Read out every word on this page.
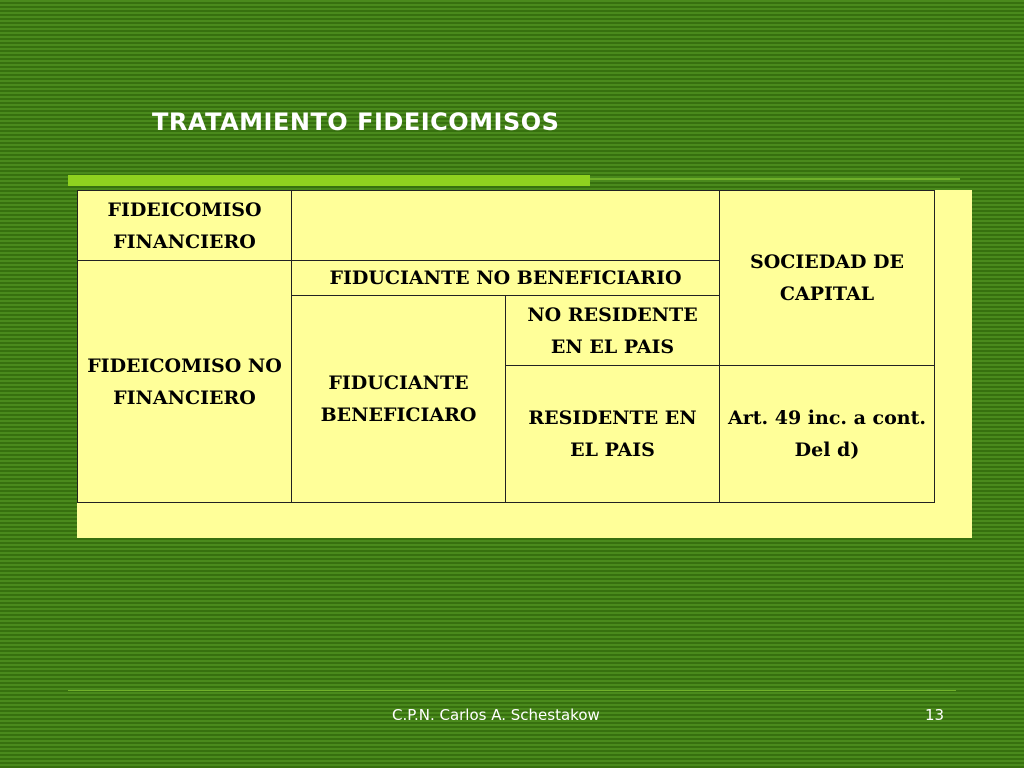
TRATAMIENTO FIDEICOMISOS
FIDEICOMISO FINANCIERO			SOCIEDAD DE CAPITAL
FIDEICOMISO NO FINANCIERO	FIDUCIANTE NO BENEFICIARIO		
	FIDUCIANTE BENEFICIARO	NO RESIDENTE EN EL PAIS	
		RESIDENTE EN EL PAIS	Art. 49 inc. a cont. Del d)
C.P.N. Carlos A. Schestakow	13
